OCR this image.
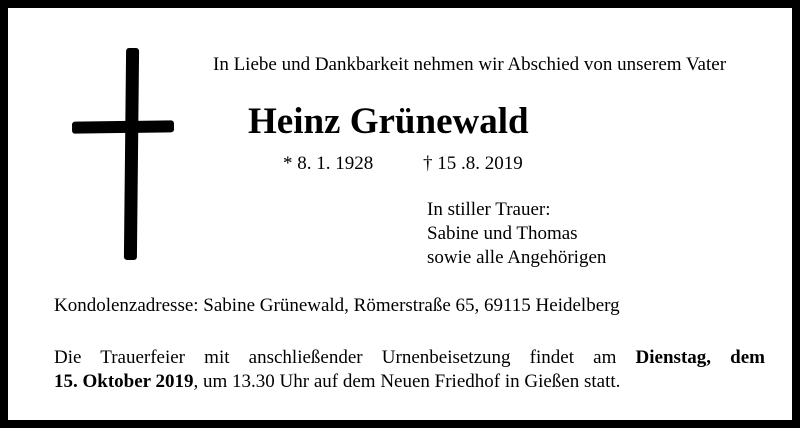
In Liebe und Dankbarkeit nehmen wir Abschied von unserem Vater
Heinz Grünewald
* 8. 1. 1928	† 15 .8. 2019
In stiller Trauer:
Sabine und Thomas
sowie alle Angehörigen
Kondolenzadresse: Sabine Grünewald, Römerstraße 65, 69115 Heidelberg
Die Trauerfeier mit anschließender Urnenbeisetzung findet am Dienstag, dem
15. Oktober 2019, um 13.30 Uhr auf dem Neuen Friedhof in Gießen statt.
